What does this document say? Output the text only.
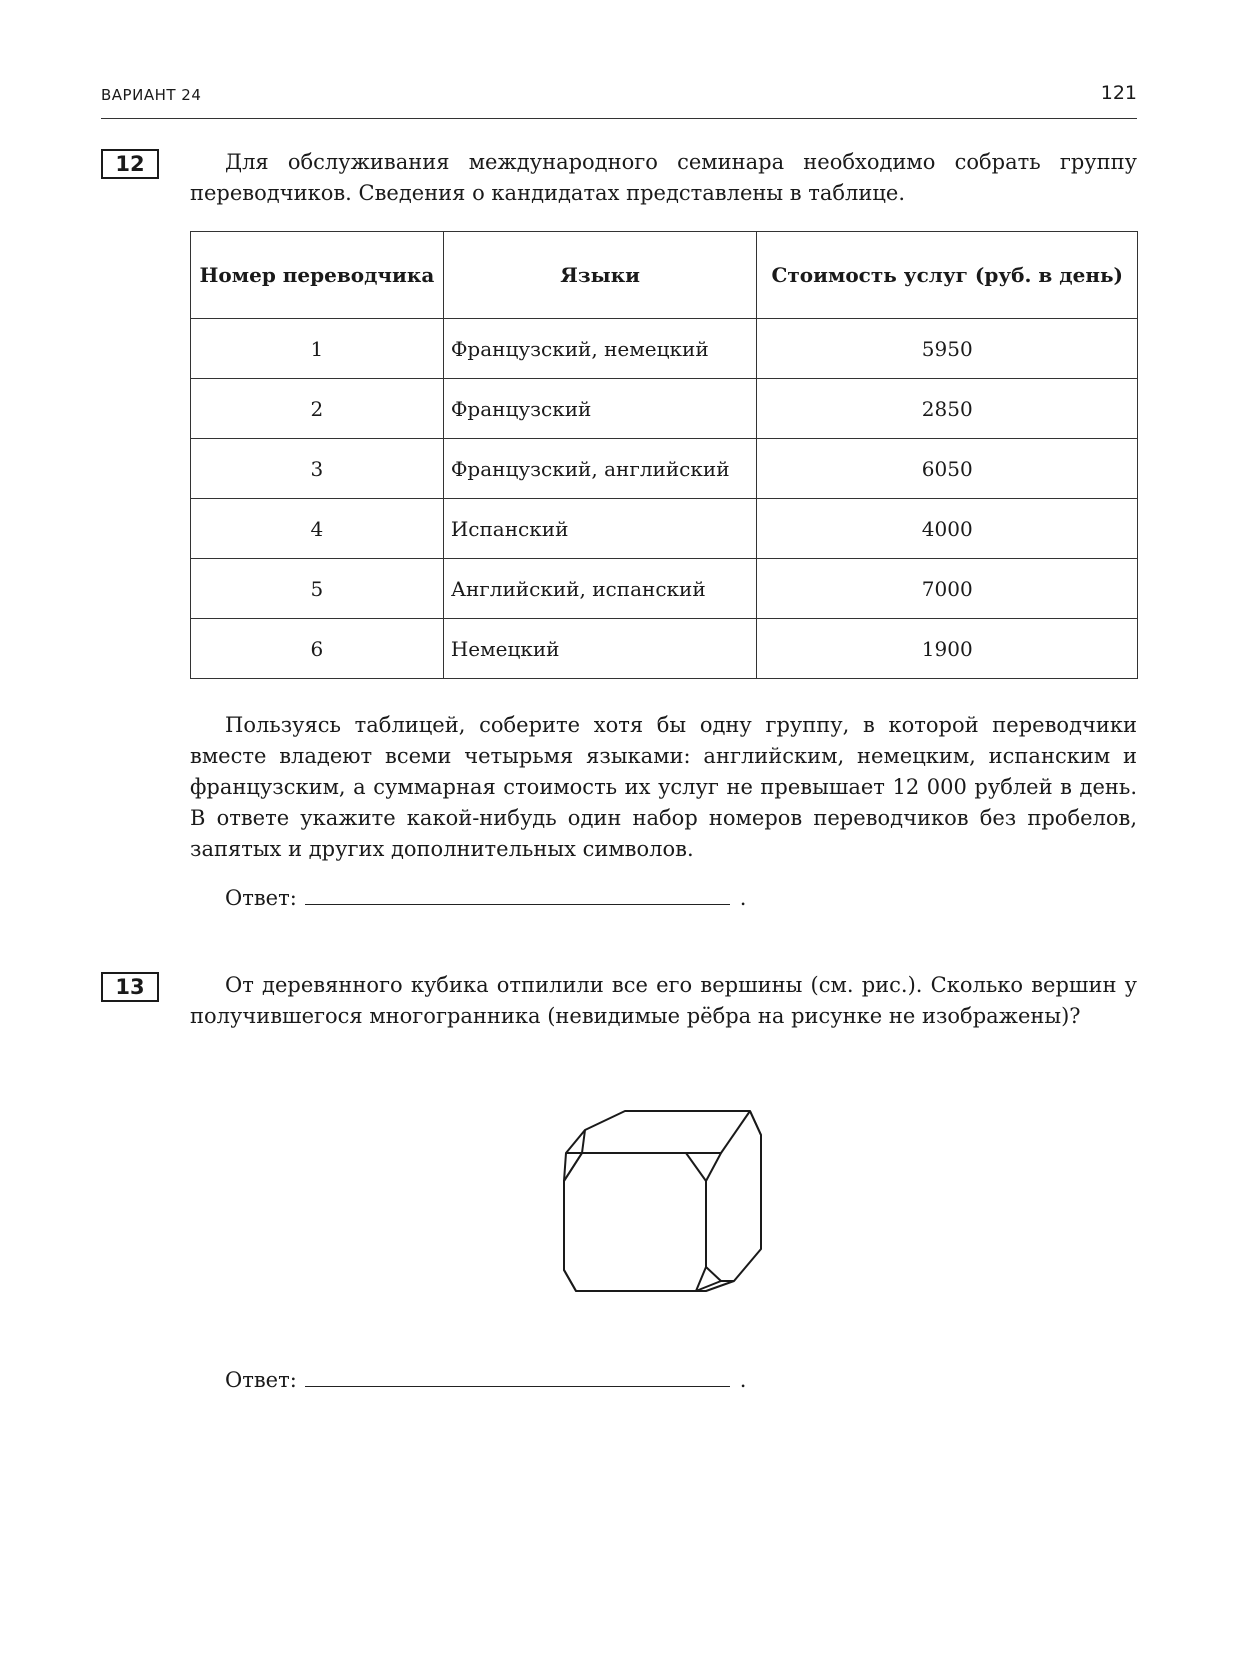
ВАРИАНТ 24	121
12	Для обслуживания международного семинара необходимо собрать группу переводчиков. Сведения о кандидатах представлены в таблице.

Номер переводчика	Языки	Стоимость услуг (руб. в день)
1	Французский, немецкий	5950
2	Французский	2850
3	Французский, английский	6050
4	Испанский	4000
5	Английский, испанский	7000
6	Немецкий	1900

Пользуясь таблицей, соберите хотя бы одну группу, в которой переводчики вместе владеют всеми четырьмя языками: английским, немецким, испанским и французским, а суммарная стоимость их услуг не превышает 12 000 рублей в день. В ответе укажите какой-нибудь один набор номеров переводчиков без пробелов, запятых и других дополнительных символов.

Ответ:	.
13	От деревянного кубика отпилили все его вершины (см. рис.). Сколько вершин у получившегося многогранника (невидимые рёбра на рисунке не изображены)?

Ответ:	.
